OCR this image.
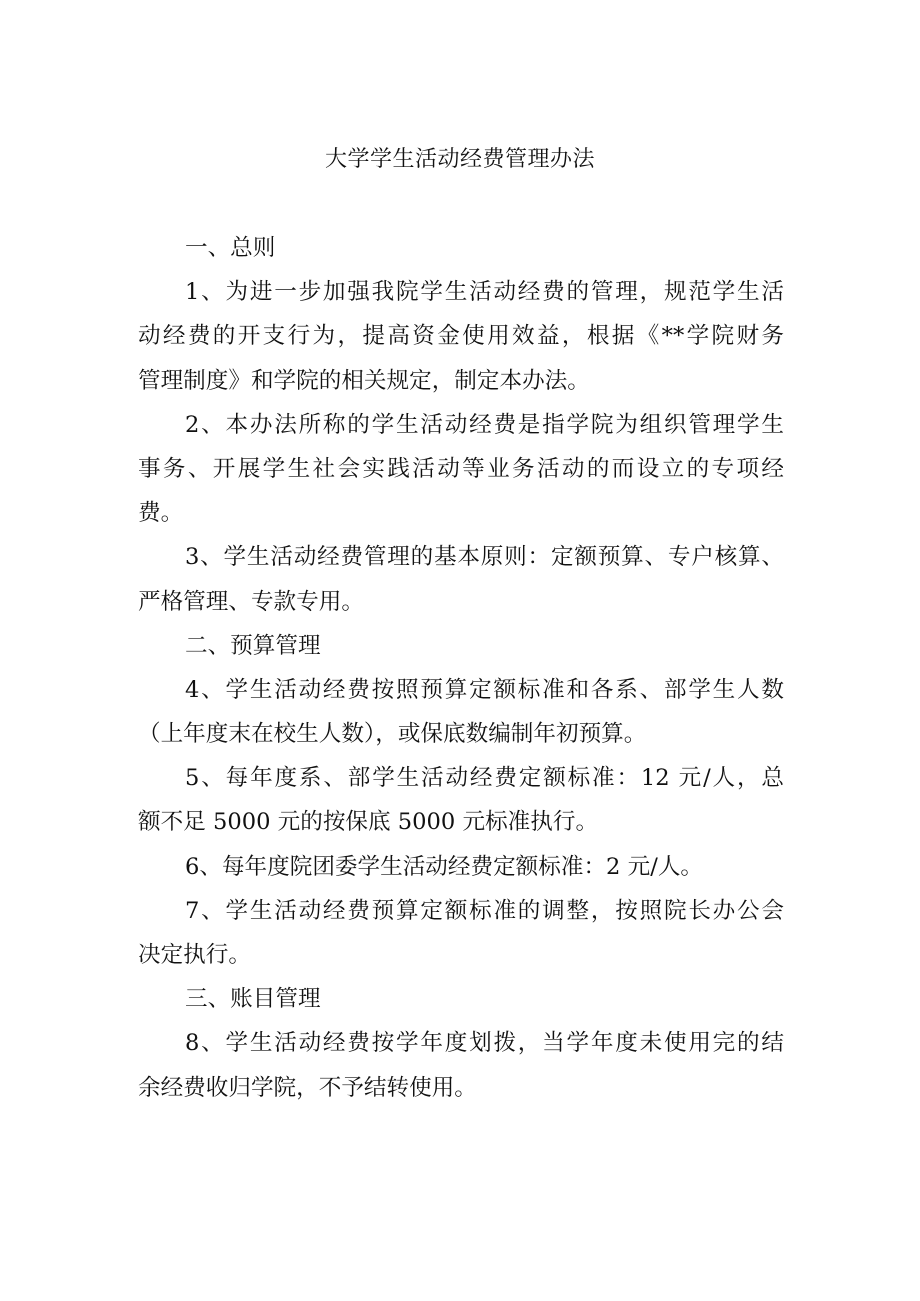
大学学生活动经费管理办法
一、总则
1、为进一步加强我院学生活动经费的管理，规范学生活
动经费的开支行为，提高资金使用效益，根据《**学院财务
管理制度》和学院的相关规定，制定本办法。
2、本办法所称的学生活动经费是指学院为组织管理学生
事务、开展学生社会实践活动等业务活动的而设立的专项经
费。
3、学生活动经费管理的基本原则：定额预算、专户核算、
严格管理、专款专用。
二、预算管理
4、学生活动经费按照预算定额标准和各系、部学生人数
（上年度末在校生人数），或保底数编制年初预算。
5、每年度系、部学生活动经费定额标准：12 元/人，总
额不足 5000 元的按保底 5000 元标准执行。
6、每年度院团委学生活动经费定额标准：2 元/人。
7、学生活动经费预算定额标准的调整，按照院长办公会
决定执行。
三、账目管理
8、学生活动经费按学年度划拨，当学年度未使用完的结
余经费收归学院，不予结转使用。
